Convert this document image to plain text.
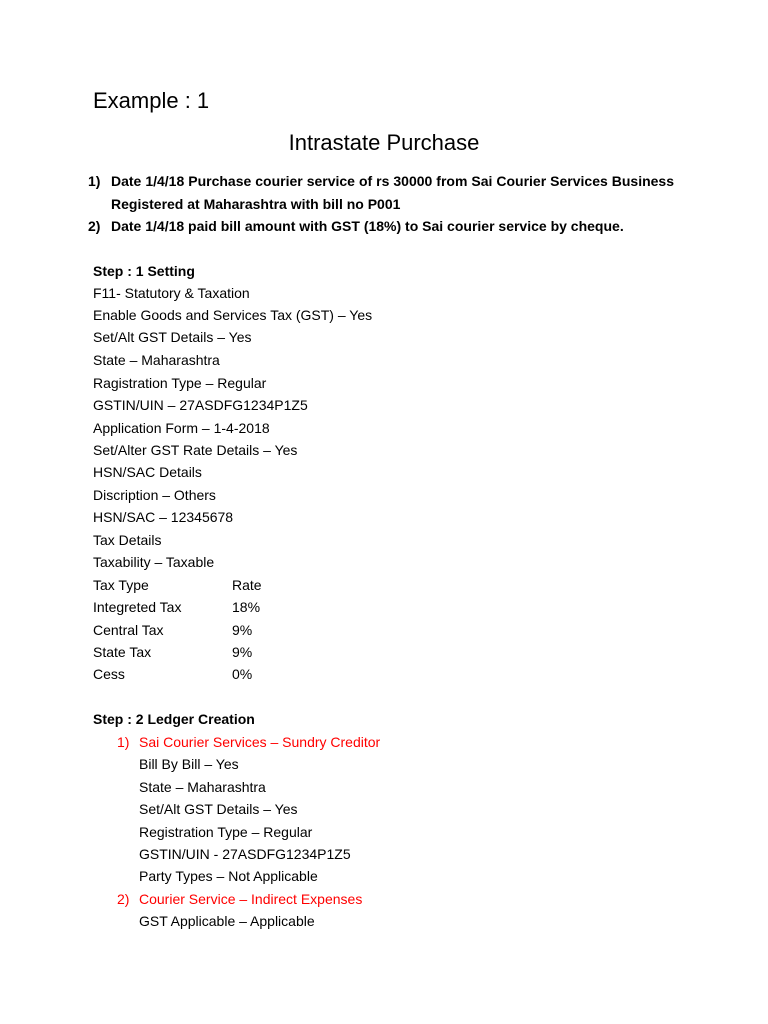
Example : 1
Intrastate Purchase
1) Date 1/4/18 Purchase courier service of rs 30000 from Sai Courier Services Business Registered at Maharashtra with bill no P001
2) Date 1/4/18 paid bill amount with GST (18%) to Sai courier service by cheque.
Step : 1 Setting
F11- Statutory & Taxation
Enable Goods and Services Tax (GST) – Yes
Set/Alt GST Details – Yes
State – Maharashtra
Ragistration Type – Regular
GSTIN/UIN – 27ASDFG1234P1Z5
Application Form – 1-4-2018
Set/Alter GST Rate Details – Yes
HSN/SAC Details
Discription – Others
HSN/SAC – 12345678
Tax Details
Taxability – Taxable
Tax Type	Rate
Integreted Tax	18%
Central Tax	9%
State Tax	9%
Cess	0%
Step : 2 Ledger Creation
1) Sai Courier Services – Sundry Creditor
Bill By Bill – Yes
State – Maharashtra
Set/Alt GST Details – Yes
Registration Type – Regular
GSTIN/UIN - 27ASDFG1234P1Z5
Party Types – Not Applicable
2) Courier Service – Indirect Expenses
GST Applicable – Applicable
